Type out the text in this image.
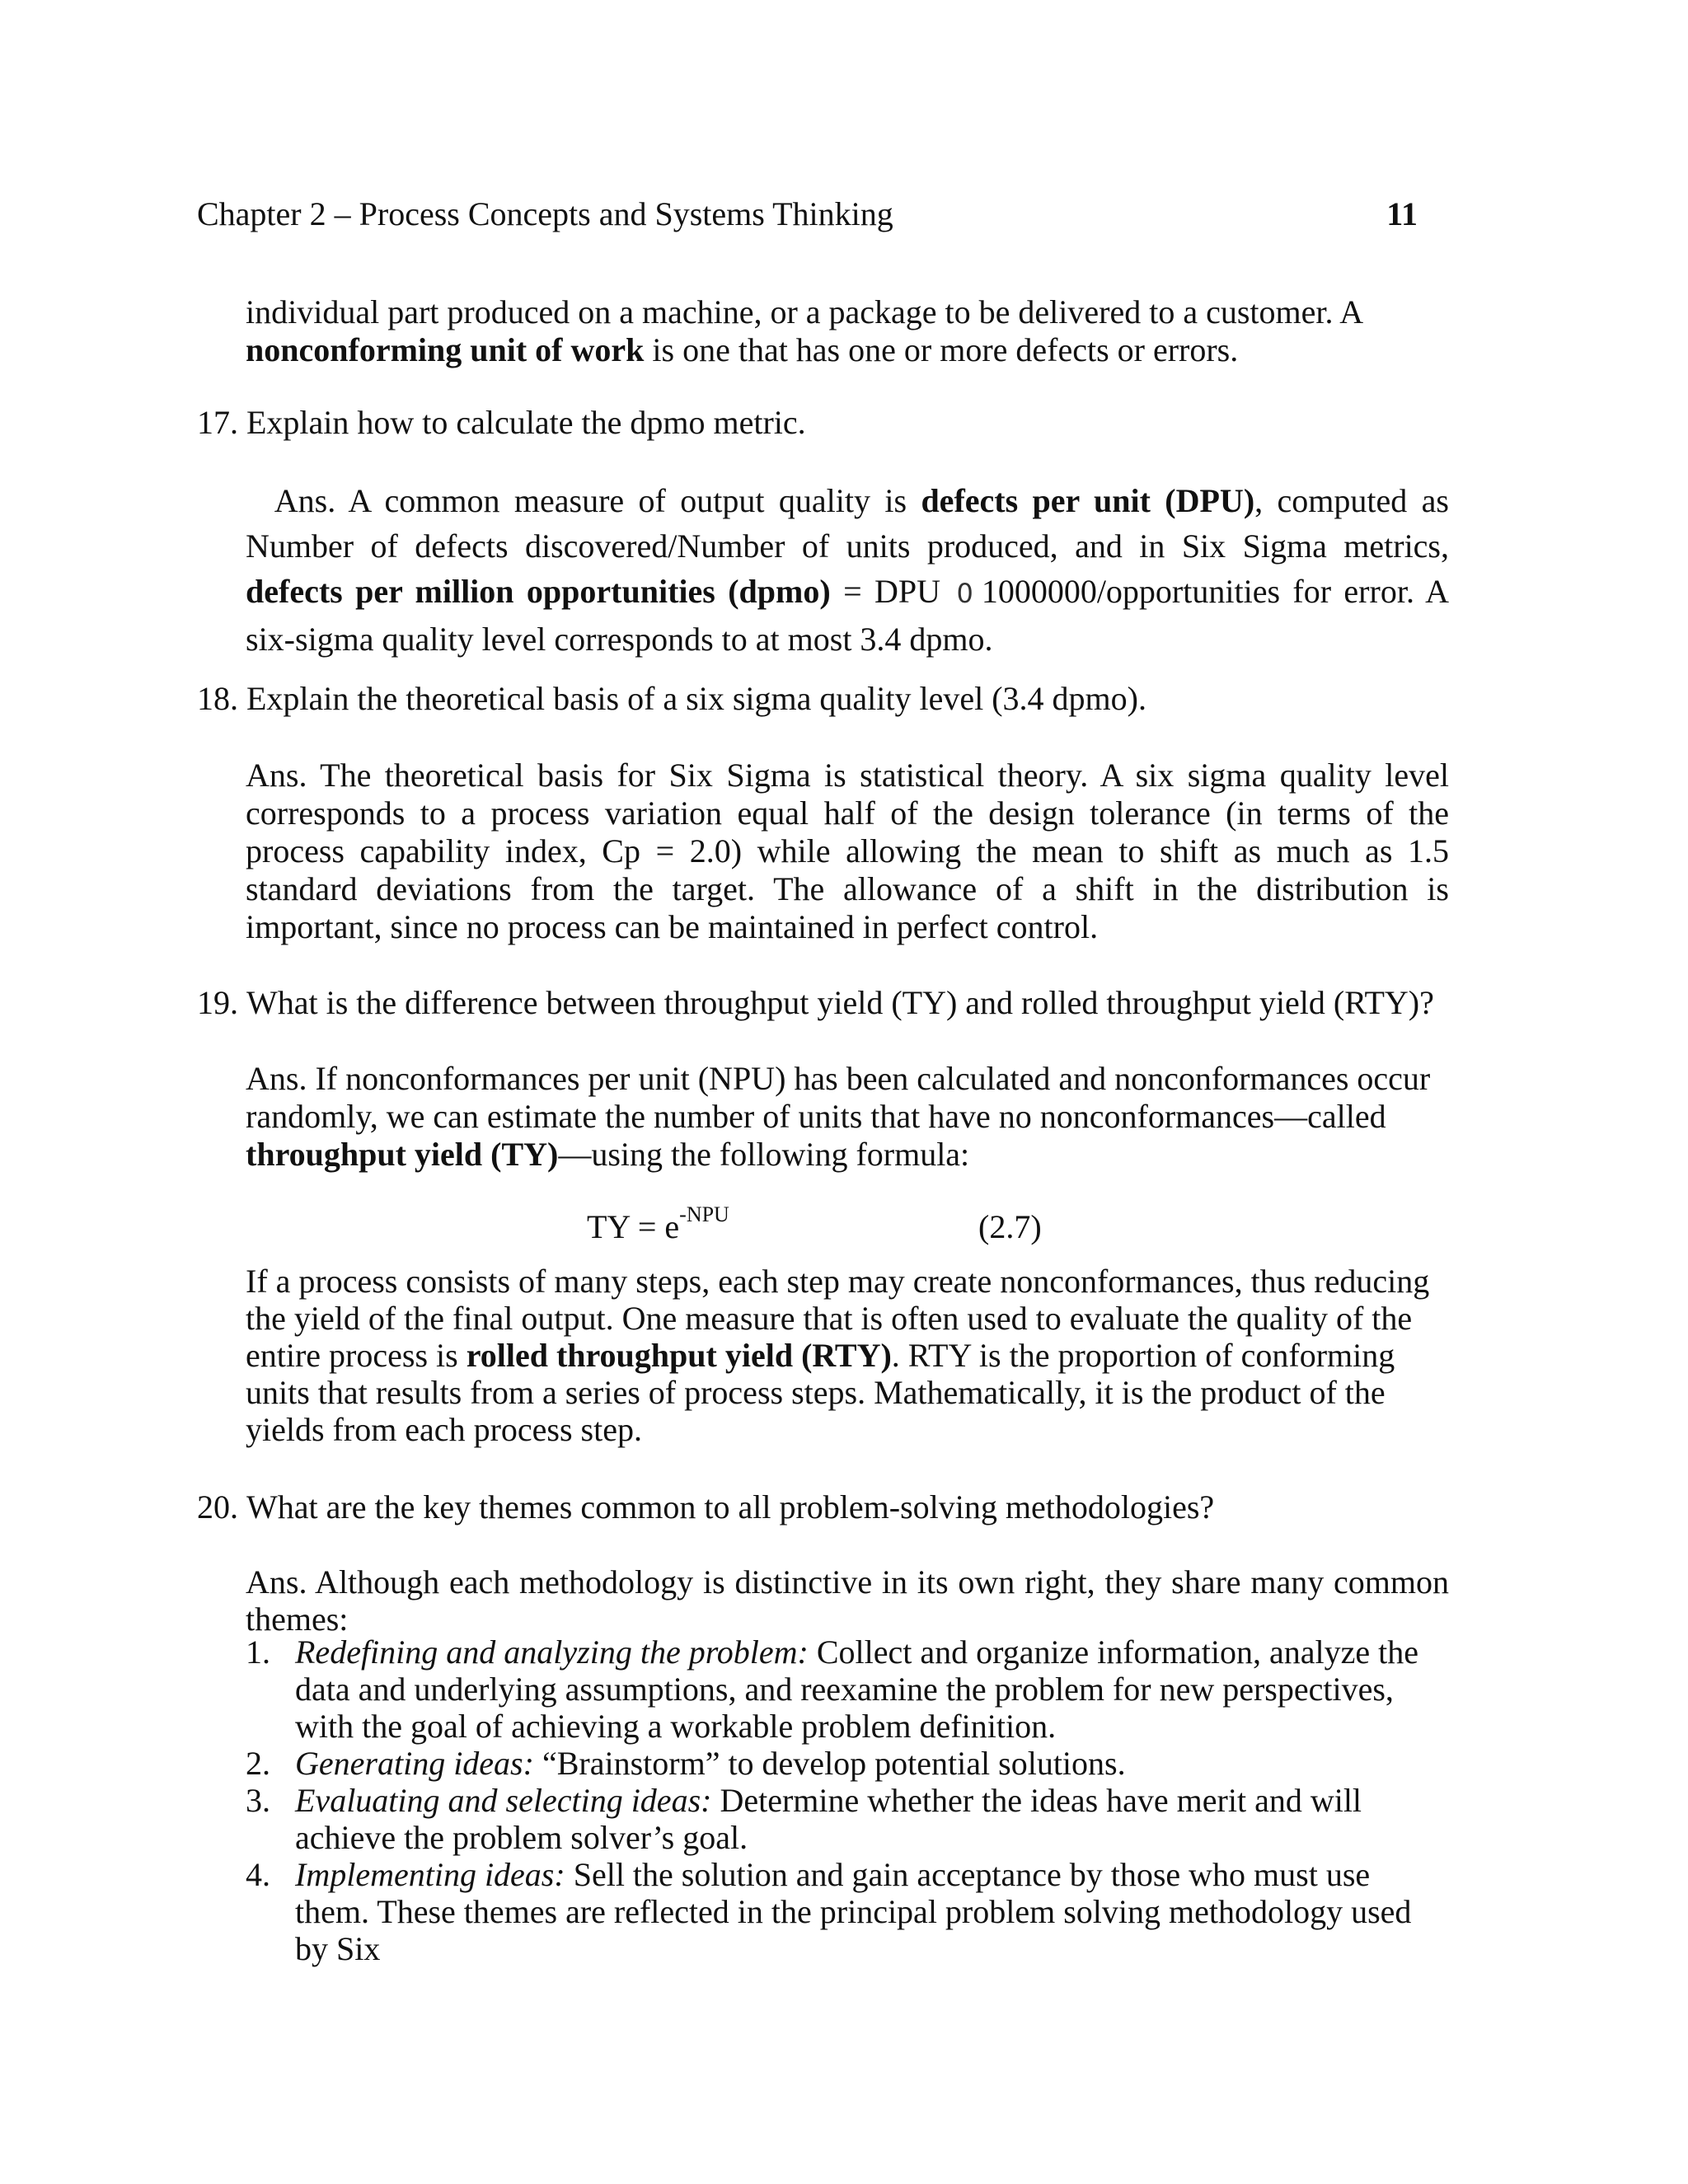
Chapter 2 – Process Concepts and Systems Thinking	11
individual part produced on a machine, or a package to be delivered to a customer. A
nonconforming unit of work is one that has one or more defects or errors.
17. Explain how to calculate the dpmo metric.
Ans. A common measure of output quality is defects per unit (DPU), computed as
Number of defects discovered/Number of units produced, and in Six Sigma metrics,
defects per million opportunities (dpmo) = DPU 0 1000000/opportunities for error. A
six-sigma quality level corresponds to at most 3.4 dpmo.
18. Explain the theoretical basis of a six sigma quality level (3.4 dpmo).
Ans. The theoretical basis for Six Sigma is statistical theory. A six sigma quality level
corresponds to a process variation equal half of the design tolerance (in terms of the
process capability index, Cp = 2.0) while allowing the mean to shift as much as 1.5
standard deviations from the target. The allowance of a shift in the distribution is
important, since no process can be maintained in perfect control.
19. What is the difference between throughput yield (TY) and rolled throughput yield (RTY)?
Ans. If nonconformances per unit (NPU) has been calculated and nonconformances occur
randomly, we can estimate the number of units that have no nonconformances—called
throughput yield (TY)—using the following formula:
TY = $e^{-NPU}$	(2.7)
If a process consists of many steps, each step may create nonconformances, thus reducing
the yield of the final output. One measure that is often used to evaluate the quality of the
entire process is rolled throughput yield (RTY). RTY is the proportion of conforming
units that results from a series of process steps. Mathematically, it is the product of the
yields from each process step.
20. What are the key themes common to all problem-solving methodologies?
Ans. Although each methodology is distinctive in its own right, they share many common
themes:
1. Redefining and analyzing the problem: Collect and organize information, analyze the data and underlying assumptions, and reexamine the problem for new perspectives, with the goal of achieving a workable problem definition.
2. Generating ideas: “Brainstorm” to develop potential solutions.
3. Evaluating and selecting ideas: Determine whether the ideas have merit and will achieve the problem solver’s goal.
4. Implementing ideas: Sell the solution and gain acceptance by those who must use them. These themes are reflected in the principal problem solving methodology used by Six
